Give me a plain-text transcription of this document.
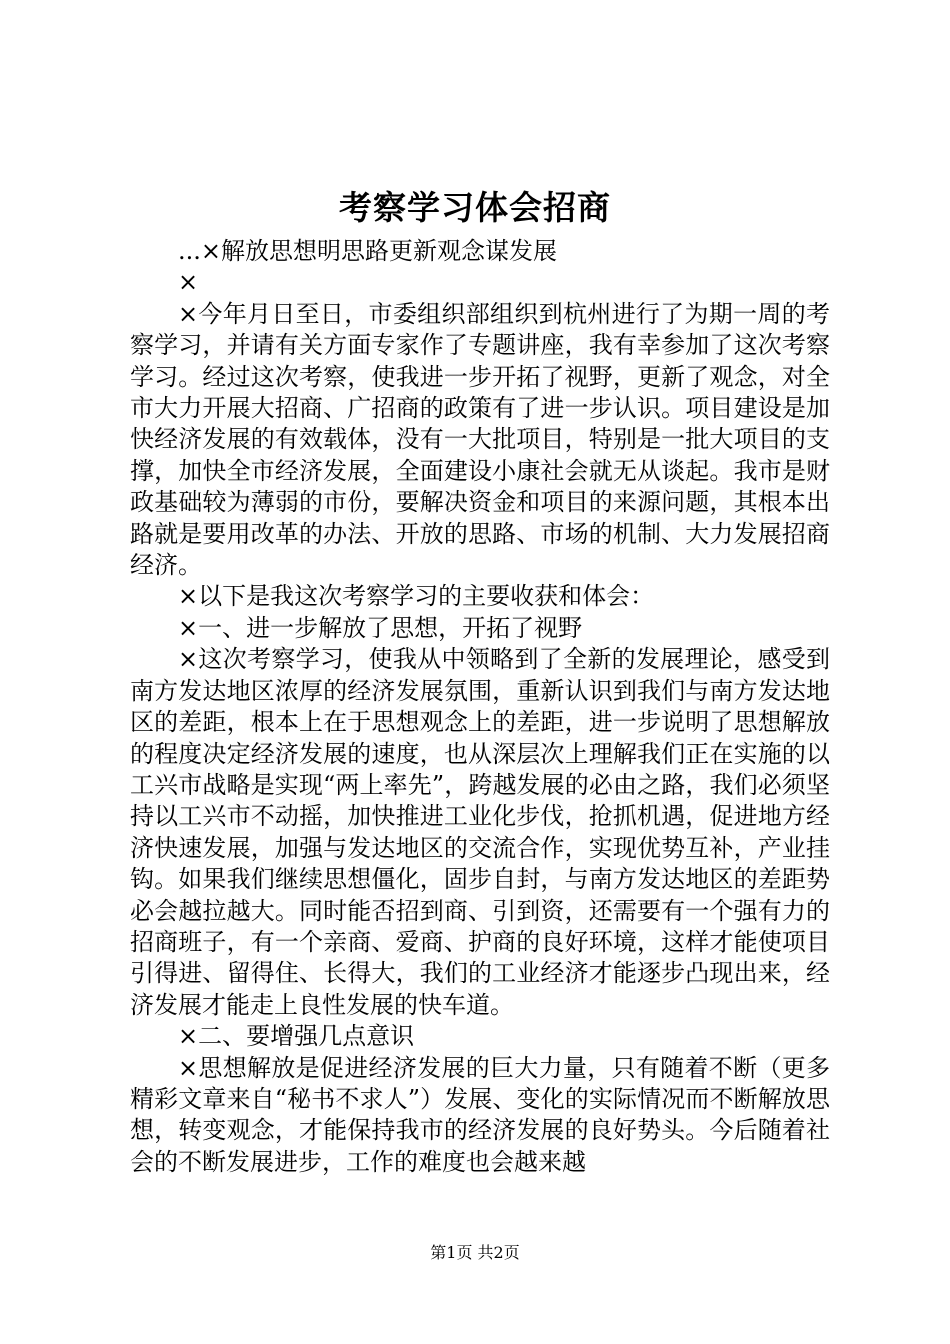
考察学习体会招商

...×解放思想明思路更新观念谋发展

×

×今年月日至日，市委组织部组织到杭州进行了为期一周的考察学习，并请有关方面专家作了专题讲座，我有幸参加了这次考察学习。经过这次考察，使我进一步开拓了视野，更新了观念，对全市大力开展大招商、广招商的政策有了进一步认识。项目建设是加快经济发展的有效载体，没有一大批项目，特别是一批大项目的支撑，加快全市经济发展，全面建设小康社会就无从谈起。我市是财政基础较为薄弱的市份，要解决资金和项目的来源问题，其根本出路就是要用改革的办法、开放的思路、市场的机制、大力发展招商经济。

×以下是我这次考察学习的主要收获和体会：

×一、进一步解放了思想，开拓了视野

×这次考察学习，使我从中领略到了全新的发展理论，感受到南方发达地区浓厚的经济发展氛围，重新认识到我们与南方发达地区的差距，根本上在于思想观念上的差距，进一步说明了思想解放的程度决定经济发展的速度，也从深层次上理解我们正在实施的以工兴市战略是实现“两上率先”，跨越发展的必由之路，我们必须坚持以工兴市不动摇，加快推进工业化步伐，抢抓机遇，促进地方经济快速发展，加强与发达地区的交流合作，实现优势互补，产业挂钩。如果我们继续思想僵化，固步自封，与南方发达地区的差距势必会越拉越大。同时能否招到商、引到资，还需要有一个强有力的招商班子，有一个亲商、爱商、护商的良好环境，这样才能使项目引得进、留得住、长得大，我们的工业经济才能逐步凸现出来，经济发展才能走上良性发展的快车道。

×二、要增强几点意识

×思想解放是促进经济发展的巨大力量，只有随着不断（更多精彩文章来自“秘书不求人”）发展、变化的实际情况而不断解放思想，转变观念，才能保持我市的经济发展的良好势头。今后随着社会的不断发展进步，工作的难度也会越来越

第1页 共2页
